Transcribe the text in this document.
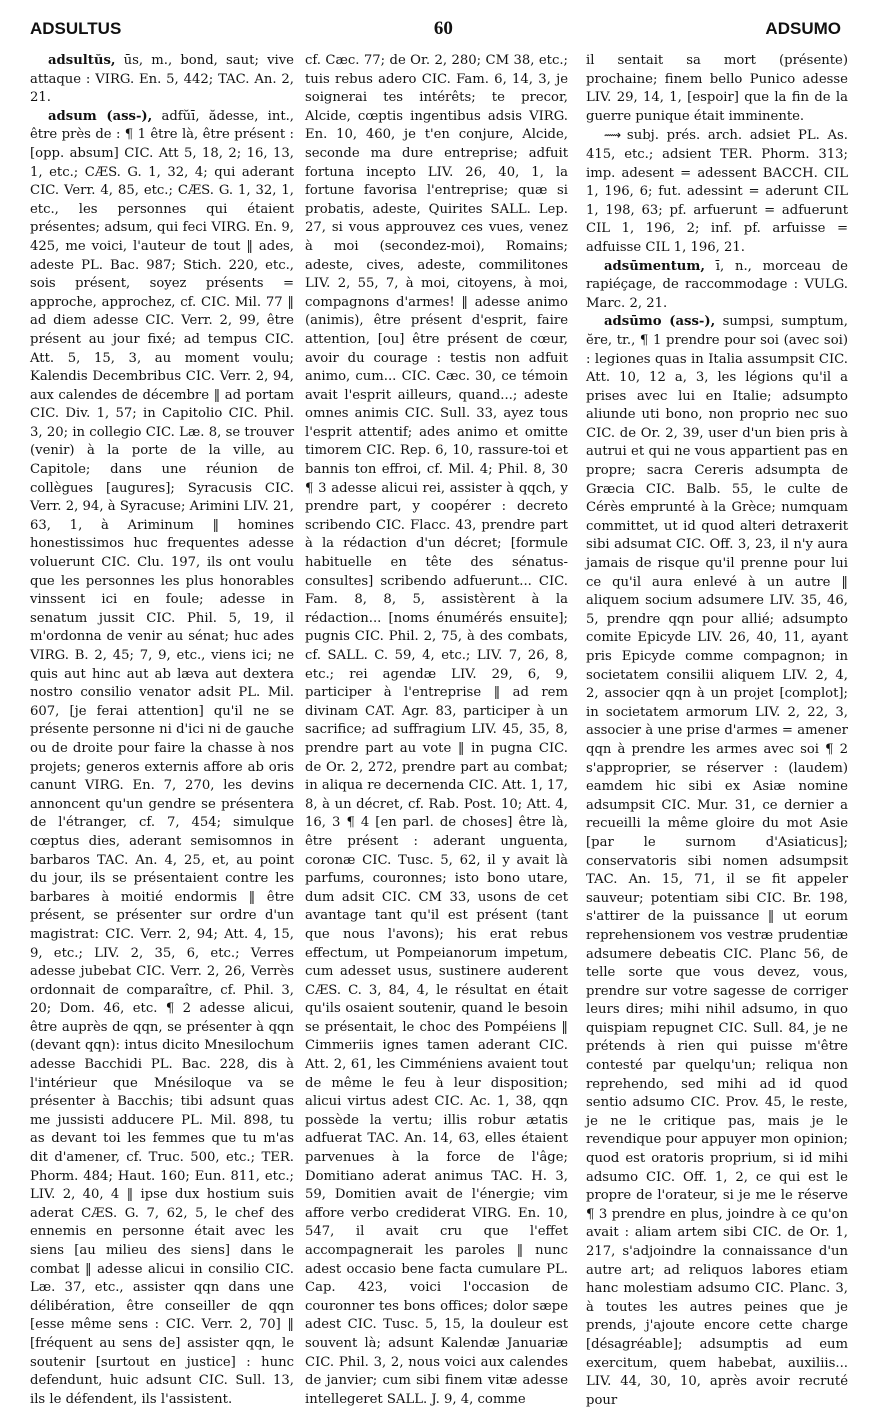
ADSULTUS	60	ADSUMO

adsultŭs, ūs, m., bond, saut; vive attaque : VIRG. En. 5, 442; TAC. An. 2, 21.

adsum (ass-), adfŭī, ădesse, int., être près de : ¶ 1 être là, être présent : [opp. absum] CIC. Att 5, 18, 2; 16, 13, 1, etc.; CÆS. G. 1, 32, 4; qui aderant CIC. Verr. 4, 85, etc.; CÆS. G. 1, 32, 1, etc., les personnes qui étaient présentes; adsum, qui feci VIRG. En. 9, 425, me voici, l'auteur de tout ‖ ades, adeste PL. Bac. 987; Stich. 220, etc., sois présent, soyez présents = approche, approchez, cf. CIC. Mil. 77 ‖ ad diem adesse CIC. Verr. 2, 99, être présent au jour fixé; ad tempus CIC. Att. 5, 15, 3, au moment voulu; Kalendis Decembribus CIC. Verr. 2, 94, aux calendes de décembre ‖ ad portam CIC. Div. 1, 57; in Capitolio CIC. Phil. 3, 20; in collegio CIC. Læ. 8, se trouver (venir) à la porte de la ville, au Capitole; dans une réunion de collègues [augures]; Syracusis CIC. Verr. 2, 94, à Syracuse; Arimini LIV. 21, 63, 1, à Ariminum ‖ homines honestissimos huc frequentes adesse voluerunt CIC. Clu. 197, ils ont voulu que les personnes les plus honorables vinssent ici en foule; adesse in senatum jussit CIC. Phil. 5, 19, il m'ordonna de venir au sénat; huc ades VIRG. B. 2, 45; 7, 9, etc., viens ici; ne quis aut hinc aut ab læva aut dextera nostro consilio venator adsit PL. Mil. 607, [je ferai attention] qu'il ne se présente personne ni d'ici ni de gauche ou de droite pour faire la chasse à nos projets; generos externis affore ab oris canunt VIRG. En. 7, 270, les devins annoncent qu'un gendre se présentera de l'étranger, cf. 7, 454; simulque cœptus dies, aderant semisomnos in barbaros TAC. An. 4, 25, et, au point du jour, ils se présentaient contre les barbares à moitié endormis ‖ être présent, se présenter sur ordre d'un magistrat: CIC. Verr. 2, 94; Att. 4, 15, 9, etc.; LIV. 2, 35, 6, etc.; Verres adesse jubebat CIC. Verr. 2, 26, Verrès ordonnait de comparaître, cf. Phil. 3, 20; Dom. 46, etc. ¶ 2 adesse alicui, être auprès de qqn, se présenter à qqn (devant qqn): intus dicito Mnesilochum adesse Bacchidi PL. Bac. 228, dis à l'intérieur que Mnésiloque va se présenter à Bacchis; tibi adsunt quas me jussisti adducere PL. Mil. 898, tu as devant toi les femmes que tu m'as dit d'amener, cf. Truc. 500, etc.; TER. Phorm. 484; Haut. 160; Eun. 811, etc.; LIV. 2, 40, 4 ‖ ipse dux hostium suis aderat CÆS. G. 7, 62, 5, le chef des ennemis en personne était avec les siens [au milieu des siens] dans le combat ‖ adesse alicui in consilio CIC. Læ. 37, etc., assister qqn dans une délibération, être conseiller de qqn [esse même sens : CIC. Verr. 2, 70] ‖ [fréquent au sens de] assister qqn, le soutenir [surtout en justice] : hunc defendunt, huic adsunt CIC. Sull. 13, ils le défendent, ils l'assistent.

cf. Cæc. 77; de Or. 2, 280; CM 38, etc.; tuis rebus adero CIC. Fam. 6, 14, 3, je soignerai tes intérêts; te precor, Alcide, cœptis ingentibus adsis VIRG. En. 10, 460, je t'en conjure, Alcide, seconde ma dure entreprise; adfuit fortuna incepto LIV. 26, 40, 1, la fortune favorisa l'entreprise; quæ si probatis, adeste, Quirites SALL. Lep. 27, si vous approuvez ces vues, venez à moi (secondez-moi), Romains; adeste, cives, adeste, commilitones LIV. 2, 55, 7, à moi, citoyens, à moi, compagnons d'armes! ‖ adesse animo (animis), être présent d'esprit, faire attention, [ou] être présent de cœur, avoir du courage : testis non adfuit animo, cum... CIC. Cæc. 30, ce témoin avait l'esprit ailleurs, quand...; adeste omnes animis CIC. Sull. 33, ayez tous l'esprit attentif; ades animo et omitte timorem CIC. Rep. 6, 10, rassure-toi et bannis ton effroi, cf. Mil. 4; Phil. 8, 30 ¶ 3 adesse alicui rei, assister à qqch, y prendre part, y coopérer : decreto scribendo CIC. Flacc. 43, prendre part à la rédaction d'un décret; [formule habituelle en tête des sénatus-consultes] scribendo adfuerunt... CIC. Fam. 8, 8, 5, assistèrent à la rédaction... [noms énumérés ensuite]; pugnis CIC. Phil. 2, 75, à des combats, cf. SALL. C. 59, 4, etc.; LIV. 7, 26, 8, etc.; rei agendæ LIV. 29, 6, 9, participer à l'entreprise ‖ ad rem divinam CAT. Agr. 83, participer à un sacrifice; ad suffragium LIV. 45, 35, 8, prendre part au vote ‖ in pugna CIC. de Or. 2, 272, prendre part au combat; in aliqua re decernenda CIC. Att. 1, 17, 8, à un décret, cf. Rab. Post. 10; Att. 4, 16, 3 ¶ 4 [en parl. de choses] être là, être présent : aderant unguenta, coronæ CIC. Tusc. 5, 62, il y avait là parfums, couronnes; isto bono utare, dum adsit CIC. CM 33, usons de cet avantage tant qu'il est présent (tant que nous l'avons); his erat rebus effectum, ut Pompeianorum impetum, cum adesset usus, sustinere auderent CÆS. C. 3, 84, 4, le résultat en était qu'ils osaient soutenir, quand le besoin se présentait, le choc des Pompéiens ‖ Cimmeriis ignes tamen aderant CIC. Att. 2, 61, les Cimméniens avaient tout de même le feu à leur disposition; alicui virtus adest CIC. Ac. 1, 38, qqn possède la vertu; illis robur ætatis adfuerat TAC. An. 14, 63, elles étaient parvenues à la force de l'âge; Domitiano aderat animus TAC. H. 3, 59, Domitien avait de l'énergie; vim affore verbo crediderat VIRG. En. 10, 547, il avait cru que l'effet accompagnerait les paroles ‖ nunc adest occasio bene facta cumulare PL. Cap. 423, voici l'occasion de couronner tes bons offices; dolor sæpe adest CIC. Tusc. 5, 15, la douleur est souvent là; adsunt Kalendæ Januariæ CIC. Phil. 3, 2, nous voici aux calendes de janvier; cum sibi finem vitæ adesse intellegeret SALL. J. 9, 4, comme

il sentait sa mort (présente) prochaine; finem bello Punico adesse LIV. 29, 14, 1, [espoir] que la fin de la guerre punique était imminente.

⟿ subj. prés. arch. adsiet PL. As. 415, etc.; adsient TER. Phorm. 313; imp. adesent = adessent BACCH. CIL 1, 196, 6; fut. adessint = aderunt CIL 1, 198, 63; pf. arfuerunt = adfuerunt CIL 1, 196, 2; inf. pf. arfuisse = adfuisse CIL 1, 196, 21.

adsūmentum, ī, n., morceau de rapiéçage, de raccommodage : VULG. Marc. 2, 21.

adsūmo (ass-), sumpsi, sumptum, ĕre, tr., ¶ 1 prendre pour soi (avec soi) : legiones quas in Italia assumpsit CIC. Att. 10, 12 a, 3, les légions qu'il a prises avec lui en Italie; adsumpto aliunde uti bono, non proprio nec suo CIC. de Or. 2, 39, user d'un bien pris à autrui et qui ne vous appartient pas en propre; sacra Cereris adsumpta de Græcia CIC. Balb. 55, le culte de Cérès emprunté à la Grèce; numquam committet, ut id quod alteri detraxerit sibi adsumat CIC. Off. 3, 23, il n'y aura jamais de risque qu'il prenne pour lui ce qu'il aura enlevé à un autre ‖ aliquem socium adsumere LIV. 35, 46, 5, prendre qqn pour allié; adsumpto comite Epicyde LIV. 26, 40, 11, ayant pris Epicyde comme compagnon; in societatem consilii aliquem LIV. 2, 4, 2, associer qqn à un projet [complot]; in societatem armorum LIV. 2, 22, 3, associer à une prise d'armes = amener qqn à prendre les armes avec soi ¶ 2 s'approprier, se réserver : (laudem) eamdem hic sibi ex Asiæ nomine adsumpsit CIC. Mur. 31, ce dernier a recueilli la même gloire du mot Asie [par le surnom d'Asiaticus]; conservatoris sibi nomen adsumpsit TAC. An. 15, 71, il se fit appeler sauveur; potentiam sibi CIC. Br. 198, s'attirer de la puissance ‖ ut eorum reprehensionem vos vestræ prudentiæ adsumere debeatis CIC. Planc 56, de telle sorte que vous devez, vous, prendre sur votre sagesse de corriger leurs dires; mihi nihil adsumo, in quo quispiam repugnet CIC. Sull. 84, je ne prétends à rien qui puisse m'être contesté par quelqu'un; reliqua non reprehendo, sed mihi ad id quod sentio adsumo CIC. Prov. 45, le reste, je ne le critique pas, mais je le revendique pour appuyer mon opinion; quod est oratoris proprium, si id mihi adsumo CIC. Off. 1, 2, ce qui est le propre de l'orateur, si je me le réserve ¶ 3 prendre en plus, joindre à ce qu'on avait : aliam artem sibi CIC. de Or. 1, 217, s'adjoindre la connaissance d'un autre art; ad reliquos labores etiam hanc molestiam adsumo CIC. Planc. 3, à toutes les autres peines que je prends, j'ajoute encore cette charge [désagréable]; adsumptis ad eum exercitum, quem habebat, auxiliis... LIV. 44, 30, 10, après avoir recruté pour
